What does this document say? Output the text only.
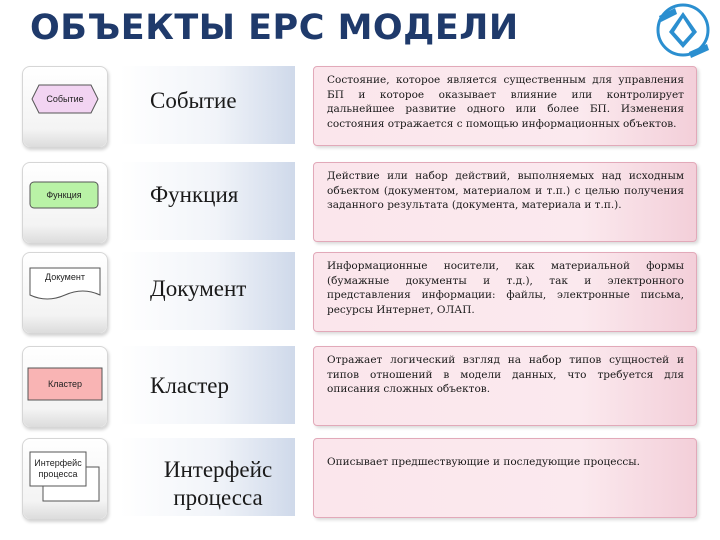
ОБЪЕКТЫ EPC МОДЕЛИ
Событие	Событие

Состояние, которое является существенным для управления БП и которое оказывает влияние или контролирует дальнейшее развитие одного или более БП. Изменения состояния отражается с помощью информационных объектов.

Функция	Функция

Действие или набор действий, выполняемых над исходным объектом (документом, материалом и т.п.) с целью получения заданного результата (документа, материала и т.п.).

Документ	Документ

Информационные носители, как материальной формы (бумажные документы и т.д.), так и электронного представления информации: файлы, электронные письма, ресурсы Интернет, ОЛАП.

Кластер	Кластер

Отражает логический взгляд на набор типов сущностей и типов отношений в модели данных, что требуется для описания сложных объектов.

Интерфейс процесса	Интерфейс процесса

Описывает предшествующие и последующие процессы.
